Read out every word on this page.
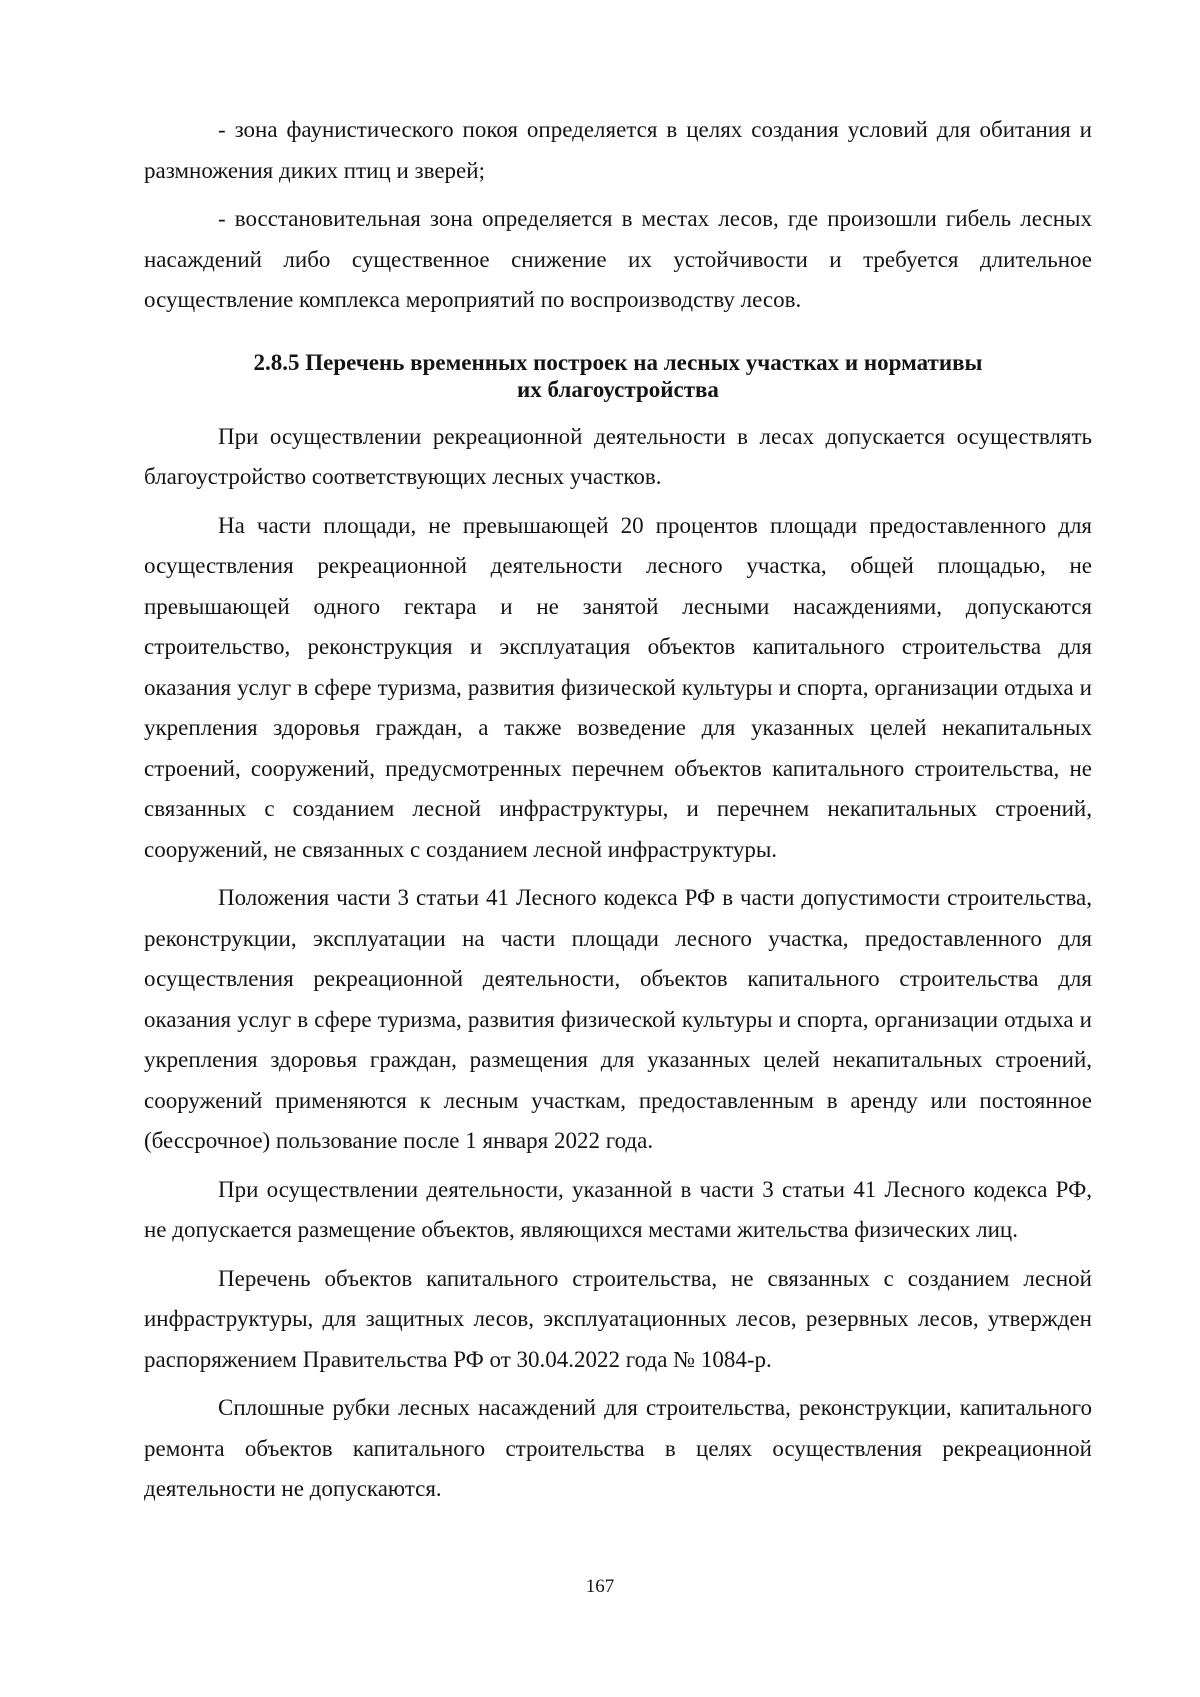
- зона фаунистического покоя определяется в целях создания условий для обитания и размножения диких птиц и зверей;

- восстановительная зона определяется в местах лесов, где произошли гибель лесных насаждений либо существенное снижение их устойчивости и требуется длительное осуществление комплекса мероприятий по воспроизводству лесов.

2.8.5 Перечень временных построек на лесных участках и нормативы
их благоустройства

При осуществлении рекреационной деятельности в лесах допускается осуществлять благоустройство соответствующих лесных участков.

На части площади, не превышающей 20 процентов площади предоставленного для осуществления рекреационной деятельности лесного участка, общей площадью, не превышающей одного гектара и не занятой лесными насаждениями, допускаются строительство, реконструкция и эксплуатация объектов капитального строительства для оказания услуг в сфере туризма, развития физической культуры и спорта, организации отдыха и укрепления здоровья граждан, а также возведение для указанных целей некапитальных строений, сооружений, предусмотренных перечнем объектов капитального строительства, не связанных с созданием лесной инфраструктуры, и перечнем некапитальных строений, сооружений, не связанных с созданием лесной инфраструктуры.

Положения части 3 статьи 41 Лесного кодекса РФ в части допустимости строительства, реконструкции, эксплуатации на части площади лесного участка, предоставленного для осуществления рекреационной деятельности, объектов капитального строительства для оказания услуг в сфере туризма, развития физической культуры и спорта, организации отдыха и укрепления здоровья граждан, размещения для указанных целей некапитальных строений, сооружений применяются к лесным участкам, предоставленным в аренду или постоянное (бессрочное) пользование после 1 января 2022 года.

При осуществлении деятельности, указанной в части 3 статьи 41 Лесного кодекса РФ, не допускается размещение объектов, являющихся местами жительства физических лиц.

Перечень объектов капитального строительства, не связанных с созданием лесной инфраструктуры, для защитных лесов, эксплуатационных лесов, резервных лесов, утвержден распоряжением Правительства РФ от 30.04.2022 года № 1084-р.

Сплошные рубки лесных насаждений для строительства, реконструкции, капитального ремонта объектов капитального строительства в целях осуществления рекреационной деятельности не допускаются.

167
